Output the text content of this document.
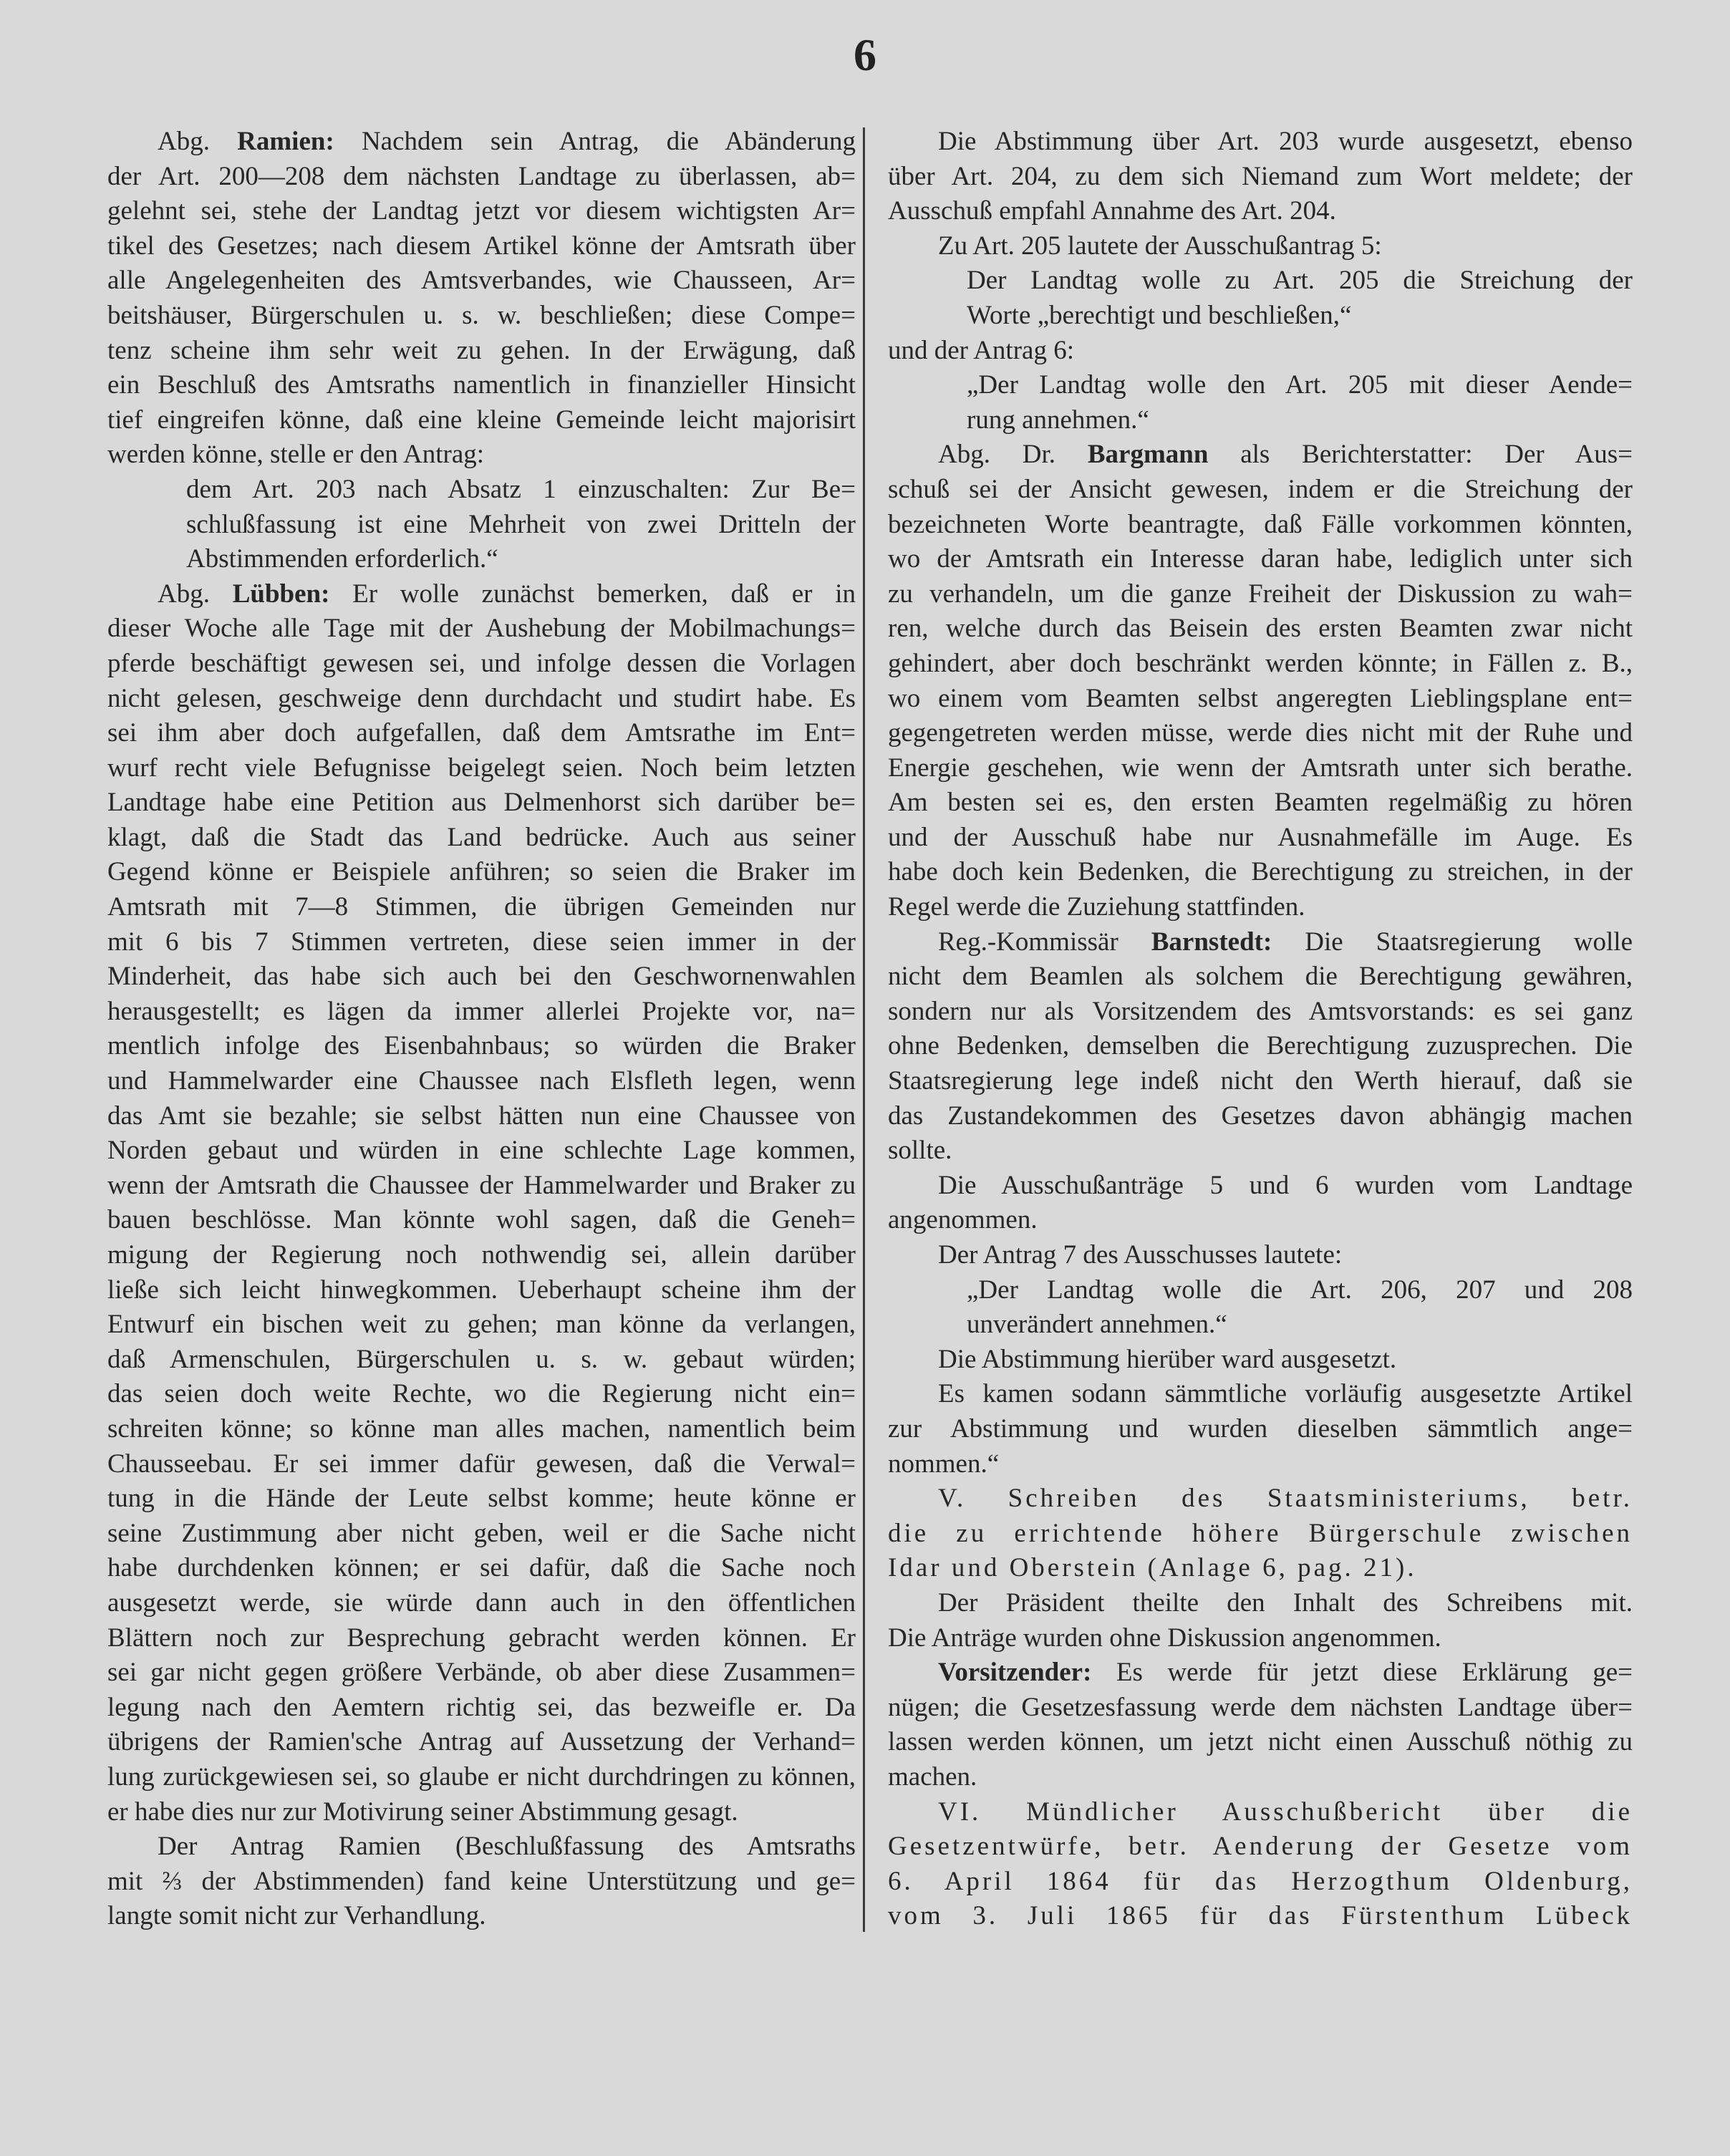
6
Abg. Ramien: Nachdem sein Antrag, die Abänderung
der Art. 200—208 dem nächsten Landtage zu überlassen, ab=
gelehnt sei, stehe der Landtag jetzt vor diesem wichtigsten Ar=
tikel des Gesetzes; nach diesem Artikel könne der Amtsrath über
alle Angelegenheiten des Amtsverbandes, wie Chausseen, Ar=
beitshäuser, Bürgerschulen u. s. w. beschließen; diese Compe=
tenz scheine ihm sehr weit zu gehen. In der Erwägung, daß
ein Beschluß des Amtsraths namentlich in finanzieller Hinsicht
tief eingreifen könne, daß eine kleine Gemeinde leicht majorisirt
werden könne, stelle er den Antrag:
dem Art. 203 nach Absatz 1 einzuschalten: Zur Be=
schlußfassung ist eine Mehrheit von zwei Dritteln der
Abstimmenden erforderlich.“
Abg. Lübben: Er wolle zunächst bemerken, daß er in
dieser Woche alle Tage mit der Aushebung der Mobilmachungs=
pferde beschäftigt gewesen sei, und infolge dessen die Vorlagen
nicht gelesen, geschweige denn durchdacht und studirt habe. Es
sei ihm aber doch aufgefallen, daß dem Amtsrathe im Ent=
wurf recht viele Befugnisse beigelegt seien. Noch beim letzten
Landtage habe eine Petition aus Delmenhorst sich darüber be=
klagt, daß die Stadt das Land bedrücke. Auch aus seiner
Gegend könne er Beispiele anführen; so seien die Braker im
Amtsrath mit 7—8 Stimmen, die übrigen Gemeinden nur
mit 6 bis 7 Stimmen vertreten, diese seien immer in der
Minderheit, das habe sich auch bei den Geschwornenwahlen
herausgestellt; es lägen da immer allerlei Projekte vor, na=
mentlich infolge des Eisenbahnbaus; so würden die Braker
und Hammelwarder eine Chaussee nach Elsfleth legen, wenn
das Amt sie bezahle; sie selbst hätten nun eine Chaussee von
Norden gebaut und würden in eine schlechte Lage kommen,
wenn der Amtsrath die Chaussee der Hammelwarder und Braker zu
bauen beschlösse. Man könnte wohl sagen, daß die Geneh=
migung der Regierung noch nothwendig sei, allein darüber
ließe sich leicht hinwegkommen. Ueberhaupt scheine ihm der
Entwurf ein bischen weit zu gehen; man könne da verlangen,
daß Armenschulen, Bürgerschulen u. s. w. gebaut würden;
das seien doch weite Rechte, wo die Regierung nicht ein=
schreiten könne; so könne man alles machen, namentlich beim
Chausseebau. Er sei immer dafür gewesen, daß die Verwal=
tung in die Hände der Leute selbst komme; heute könne er
seine Zustimmung aber nicht geben, weil er die Sache nicht
habe durchdenken können; er sei dafür, daß die Sache noch
ausgesetzt werde, sie würde dann auch in den öffentlichen
Blättern noch zur Besprechung gebracht werden können. Er
sei gar nicht gegen größere Verbände, ob aber diese Zusammen=
legung nach den Aemtern richtig sei, das bezweifle er. Da
übrigens der Ramien'sche Antrag auf Aussetzung der Verhand=
lung zurückgewiesen sei, so glaube er nicht durchdringen zu können,
er habe dies nur zur Motivirung seiner Abstimmung gesagt.
Der Antrag Ramien (Beschlußfassung des Amtsraths
mit ⅔ der Abstimmenden) fand keine Unterstützung und ge=
langte somit nicht zur Verhandlung.
Die Abstimmung über Art. 203 wurde ausgesetzt, ebenso
über Art. 204, zu dem sich Niemand zum Wort meldete; der
Ausschuß empfahl Annahme des Art. 204.
Zu Art. 205 lautete der Ausschußantrag 5:
Der Landtag wolle zu Art. 205 die Streichung der
Worte „berechtigt und beschließen,“
und der Antrag 6:
„Der Landtag wolle den Art. 205 mit dieser Aende=
rung annehmen.“
Abg. Dr. Bargmann als Berichterstatter: Der Aus=
schuß sei der Ansicht gewesen, indem er die Streichung der
bezeichneten Worte beantragte, daß Fälle vorkommen könnten,
wo der Amtsrath ein Interesse daran habe, lediglich unter sich
zu verhandeln, um die ganze Freiheit der Diskussion zu wah=
ren, welche durch das Beisein des ersten Beamten zwar nicht
gehindert, aber doch beschränkt werden könnte; in Fällen z. B.,
wo einem vom Beamten selbst angeregten Lieblingsplane ent=
gegengetreten werden müsse, werde dies nicht mit der Ruhe und
Energie geschehen, wie wenn der Amtsrath unter sich berathe.
Am besten sei es, den ersten Beamten regelmäßig zu hören
und der Ausschuß habe nur Ausnahmefälle im Auge. Es
habe doch kein Bedenken, die Berechtigung zu streichen, in der
Regel werde die Zuziehung stattfinden.
Reg.-Kommissär Barnstedt: Die Staatsregierung wolle
nicht dem Beamlen als solchem die Berechtigung gewähren,
sondern nur als Vorsitzendem des Amtsvorstands: es sei ganz
ohne Bedenken, demselben die Berechtigung zuzusprechen. Die
Staatsregierung lege indeß nicht den Werth hierauf, daß sie
das Zustandekommen des Gesetzes davon abhängig machen
sollte.
Die Ausschußanträge 5 und 6 wurden vom Landtage
angenommen.
Der Antrag 7 des Ausschusses lautete:
„Der Landtag wolle die Art. 206, 207 und 208
unverändert annehmen.“
Die Abstimmung hierüber ward ausgesetzt.
Es kamen sodann sämmtliche vorläufig ausgesetzte Artikel
zur Abstimmung und wurden dieselben sämmtlich ange=
nommen.“
V. Schreiben des Staatsministeriums, betr.
die zu errichtende höhere Bürgerschule zwischen
Idar und Oberstein (Anlage 6, pag. 21).
Der Präsident theilte den Inhalt des Schreibens mit.
Die Anträge wurden ohne Diskussion angenommen.
Vorsitzender: Es werde für jetzt diese Erklärung ge=
nügen; die Gesetzesfassung werde dem nächsten Landtage über=
lassen werden können, um jetzt nicht einen Ausschuß nöthig zu
machen.
VI. Mündlicher Ausschußbericht über die
Gesetzentwürfe, betr. Aenderung der Gesetze vom
6. April 1864 für das Herzogthum Oldenburg,
vom 3. Juli 1865 für das Fürstenthum Lübeck
